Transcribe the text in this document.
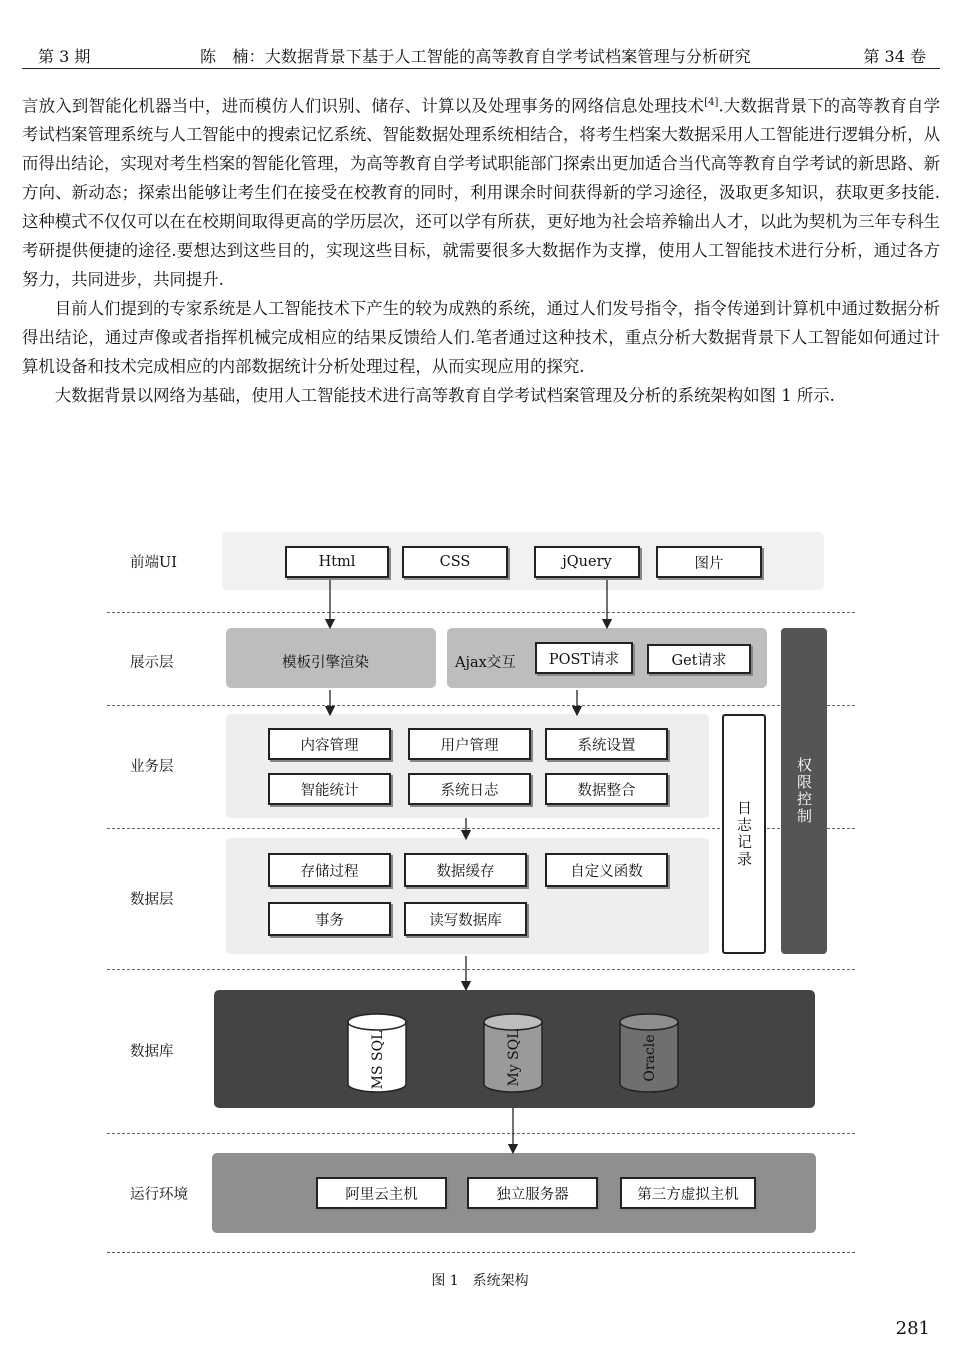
第 3 期	陈　楠：大数据背景下基于人工智能的高等教育自学考试档案管理与分析研究	第 34 卷

言放入到智能化机器当中，进而模仿人们识别、储存、计算以及处理事务的网络信息处理技术[4].大数据背景下的高等教育自学考试档案管理系统与人工智能中的搜索记忆系统、智能数据处理系统相结合，将考生档案大数据采用人工智能进行逻辑分析，从而得出结论，实现对考生档案的智能化管理，为高等教育自学考试职能部门探索出更加适合当代高等教育自学考试的新思路、新方向、新动态；探索出能够让考生们在接受在校教育的同时，利用课余时间获得新的学习途径，汲取更多知识，获取更多技能.这种模式不仅仅可以在在校期间取得更高的学历层次，还可以学有所获，更好地为社会培养输出人才，以此为契机为三年专科生考研提供便捷的途径.要想达到这些目的，实现这些目标，就需要很多大数据作为支撑，使用人工智能技术进行分析，通过各方努力，共同进步，共同提升.

目前人们提到的专家系统是人工智能技术下产生的较为成熟的系统，通过人们发号指令，指令传递到计算机中通过数据分析得出结论，通过声像或者指挥机械完成相应的结果反馈给人们.笔者通过这种技术，重点分析大数据背景下人工智能如何通过计算机设备和技术完成相应的内部数据统计分析处理过程，从而实现应用的探究.

大数据背景以网络为基础，使用人工智能技术进行高等教育自学考试档案管理及分析的系统架构如图 1 所示.

前端UI
展示层
业务层
数据层
数据库
运行环境
Html	CSS	jQuery	图片
模板引擎渲染	Ajax交互	POST请求	Get请求
内容管理	用户管理	系统设置
智能统计	系统日志	数据整合
存储过程	数据缓存	自定义函数
事务	读写数据库
日志记录
权限控制
阿里云主机	独立服务器	第三方虚拟主机
MS SQL	My SQL	Oracle
图 1　系统架构
281
